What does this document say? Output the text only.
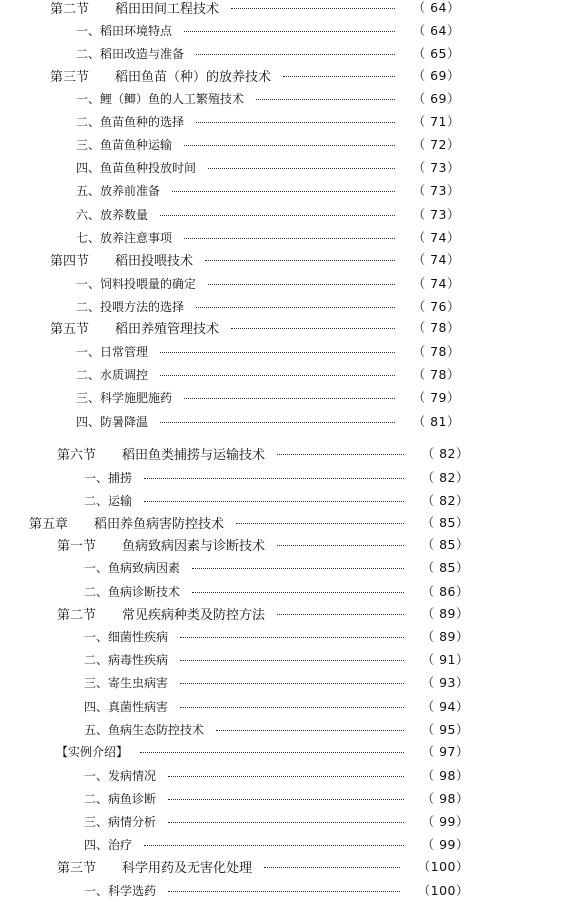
第二节　　稻田田间工程技术	（ 64）
一、稻田环境特点	（ 64）
二、稻田改造与准备	（ 65）
第三节　　稻田鱼苗（种）的放养技术	（ 69）
一、鲤（鲫）鱼的人工繁殖技术	（ 69）
二、鱼苗鱼种的选择	（ 71）
三、鱼苗鱼种运输	（ 72）
四、鱼苗鱼种投放时间	（ 73）
五、放养前准备	（ 73）
六、放养数量	（ 73）
七、放养注意事项	（ 74）
第四节　　稻田投喂技术	（ 74）
一、饲料投喂量的确定	（ 74）
二、投喂方法的选择	（ 76）
第五节　　稻田养殖管理技术	（ 78）
一、日常管理	（ 78）
二、水质调控	（ 78）
三、科学施肥施药	（ 79）
四、防暑降温	（ 81）
第六节　　稻田鱼类捕捞与运输技术	（ 82）
一、捕捞	（ 82）
二、运输	（ 82）
第五章　　稻田养鱼病害防控技术	（ 85）
第一节　　鱼病致病因素与诊断技术	（ 85）
一、鱼病致病因素	（ 85）
二、鱼病诊断技术	（ 86）
第二节　　常见疾病种类及防控方法	（ 89）
一、细菌性疾病	（ 89）
二、病毒性疾病	（ 91）
三、寄生虫病害	（ 93）
四、真菌性病害	（ 94）
五、鱼病生态防控技术	（ 95）
【实例介绍】	（ 97）
一、发病情况	（ 98）
二、病鱼诊断	（ 98）
三、病情分析	（ 99）
四、治疗	（ 99）
第三节　　科学用药及无害化处理	（100）
一、科学选药	（100）
